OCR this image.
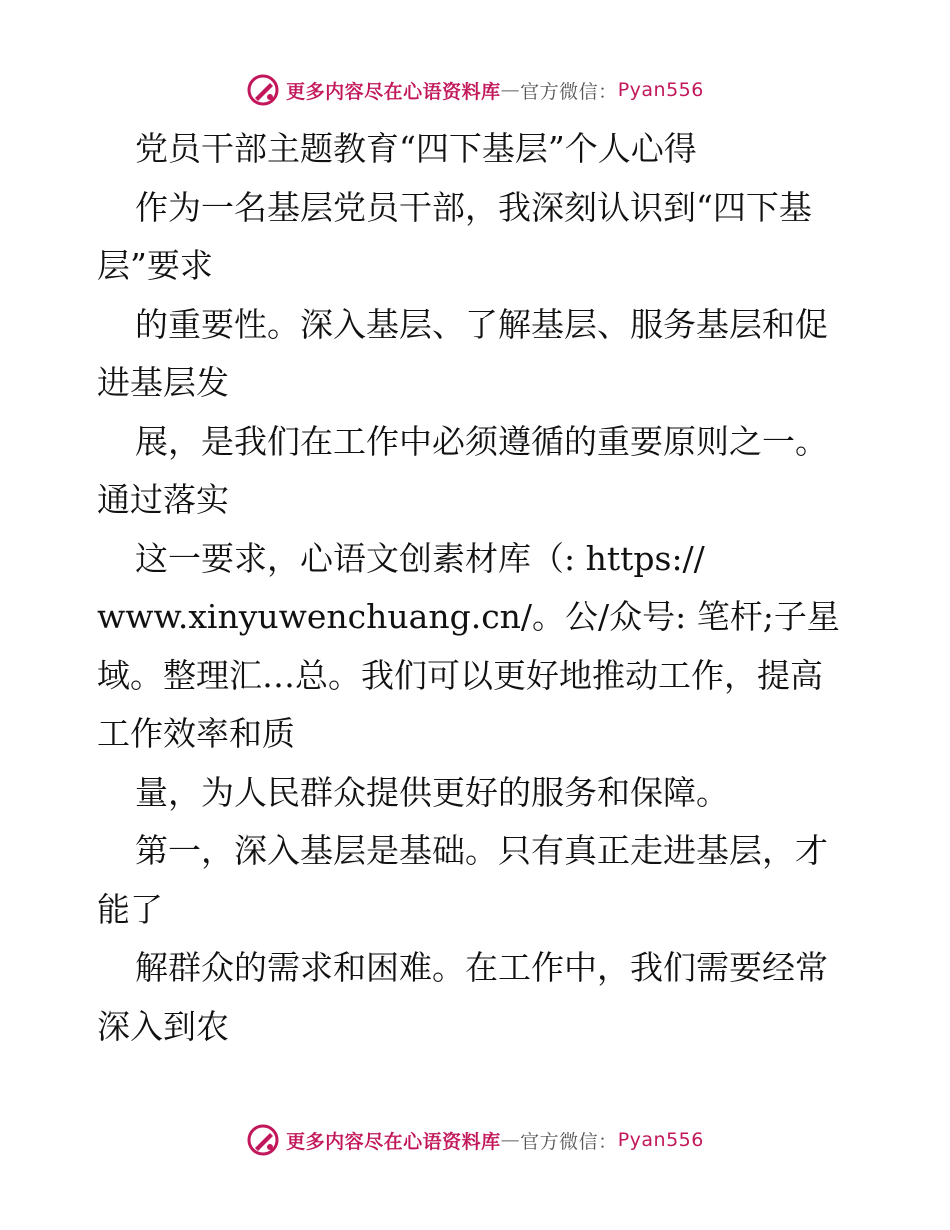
更多内容尽在心语资料库 — 官方微信： Pyan556
党员干部主题教育“四下基层”个人心得
作为一名基层党员干部，我深刻认识到“四下基
层”要求
的重要性。深入基层、了解基层、服务基层和促
进基层发
展，是我们在工作中必须遵循的重要原则之一。
通过落实
这一要求，心语文创素材库（: https://
www.xinyuwenchuang.cn/。公/众号: 笔杆;子星
域。整理汇…总。我们可以更好地推动工作，提高
工作效率和质
量，为人民群众提供更好的服务和保障。
第一，深入基层是基础。只有真正走进基层，才
能了
解群众的需求和困难。在工作中，我们需要经常
深入到农
更多内容尽在心语资料库 — 官方微信： Pyan556
